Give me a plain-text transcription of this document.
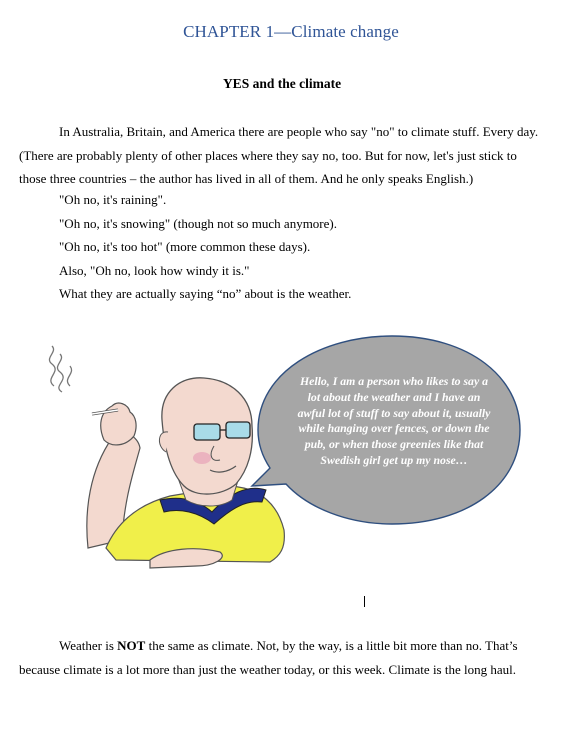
CHAPTER 1—Climate change
YES and the climate
In Australia, Britain, and America there are people who say "no" to climate stuff. Every day. (There are probably plenty of other places where they say no, too. But for now, let's just stick to those three countries – the author has lived in all of them. And he only speaks English.)
"Oh no, it's raining".
"Oh no, it's snowing" (though not so much anymore).
"Oh no, it's too hot" (more common these days).
Also, "Oh no, look how windy it is."
What they are actually saying “no” about is the weather.
Hello, I am a person who likes to say a lot about the weather and I have an awful lot of stuff to say about it, usually while hanging over fences, or down the pub, or when those greenies like that Swedish girl get up my nose…
Weather is NOT the same as climate. Not, by the way, is a little bit more than no. That’s because climate is a lot more than just the weather today, or this week. Climate is the long haul.
